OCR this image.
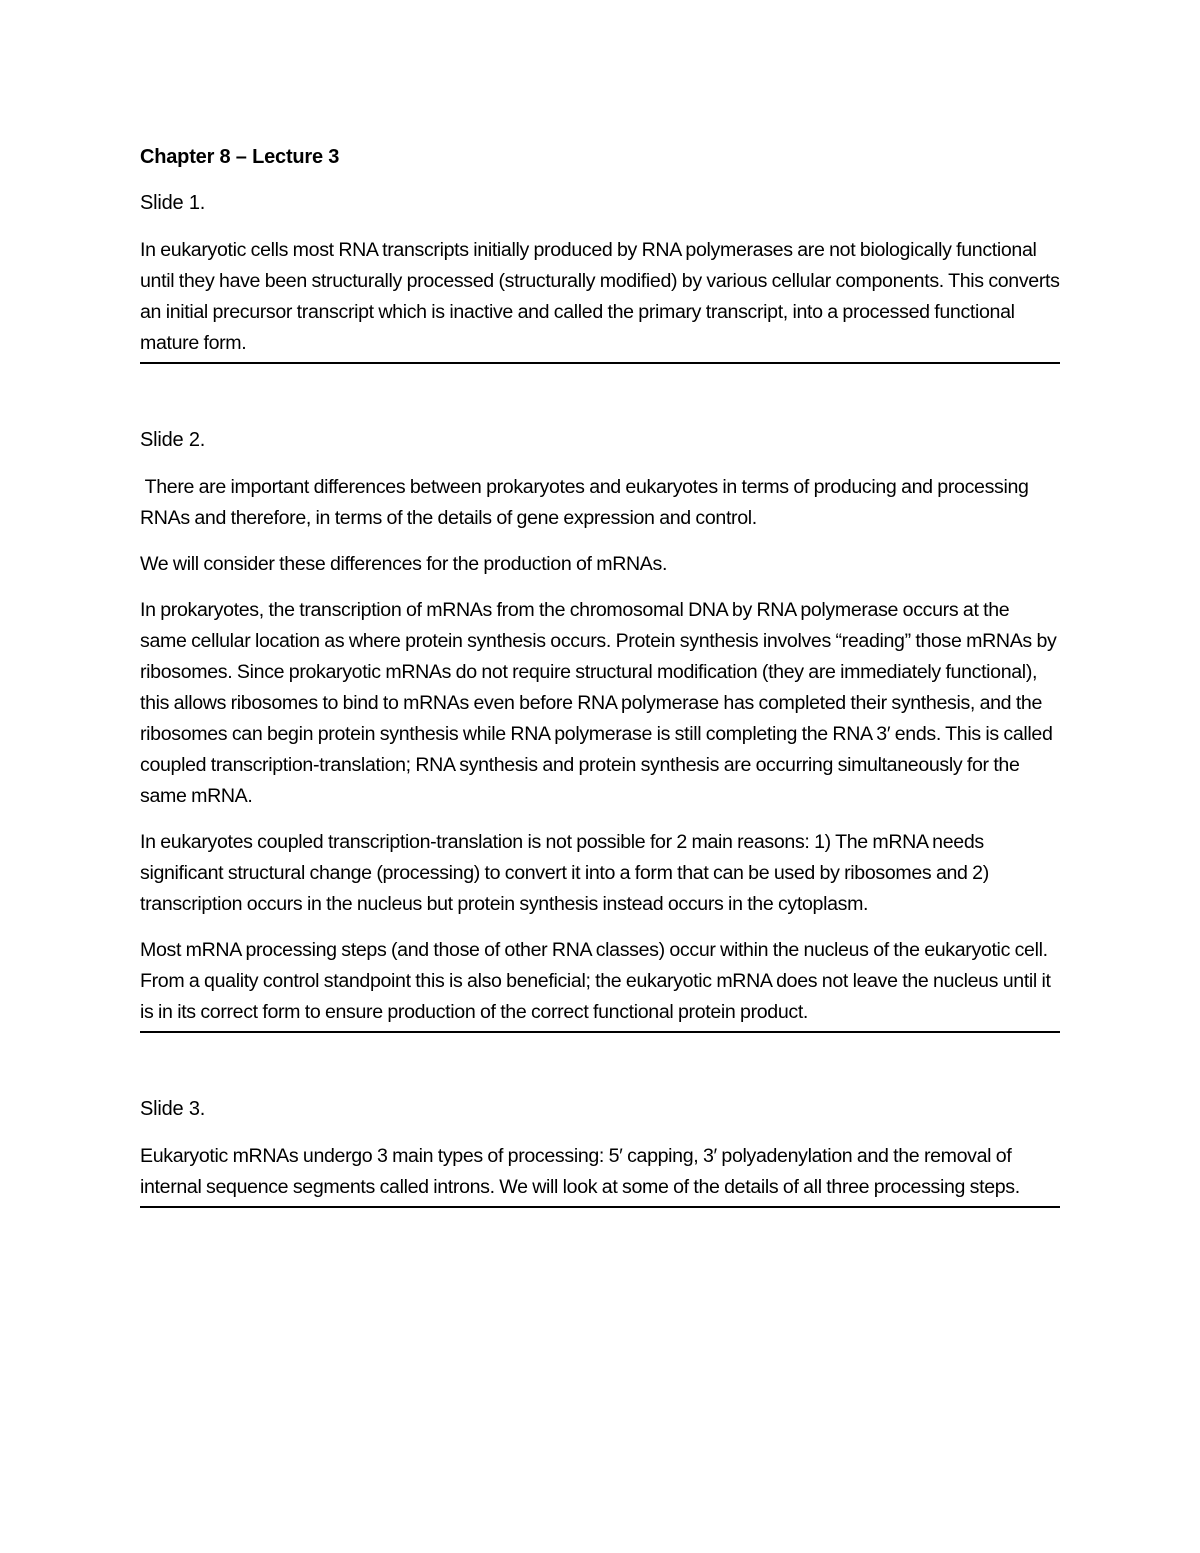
Chapter 8 – Lecture 3
Slide 1.

In eukaryotic cells most RNA transcripts initially produced by RNA polymerases are not biologically functional until they have been structurally processed (structurally modified) by various cellular components. This converts an initial precursor transcript which is inactive and called the primary transcript, into a processed functional mature form.

Slide 2.

There are important differences between prokaryotes and eukaryotes in terms of producing and processing RNAs and therefore, in terms of the details of gene expression and control.

We will consider these differences for the production of mRNAs.

In prokaryotes, the transcription of mRNAs from the chromosomal DNA by RNA polymerase occurs at the same cellular location as where protein synthesis occurs. Protein synthesis involves “reading” those mRNAs by ribosomes. Since prokaryotic mRNAs do not require structural modification (they are immediately functional), this allows ribosomes to bind to mRNAs even before RNA polymerase has completed their synthesis, and the ribosomes can begin protein synthesis while RNA polymerase is still completing the RNA 3′ ends. This is called coupled transcription-translation; RNA synthesis and protein synthesis are occurring simultaneously for the same mRNA.

In eukaryotes coupled transcription-translation is not possible for 2 main reasons: 1) The mRNA needs significant structural change (processing) to convert it into a form that can be used by ribosomes and 2) transcription occurs in the nucleus but protein synthesis instead occurs in the cytoplasm.

Most mRNA processing steps (and those of other RNA classes) occur within the nucleus of the eukaryotic cell. From a quality control standpoint this is also beneficial; the eukaryotic mRNA does not leave the nucleus until it is in its correct form to ensure production of the correct functional protein product.

Slide 3.

Eukaryotic mRNAs undergo 3 main types of processing: 5′ capping, 3′ polyadenylation and the removal of internal sequence segments called introns. We will look at some of the details of all three processing steps.
